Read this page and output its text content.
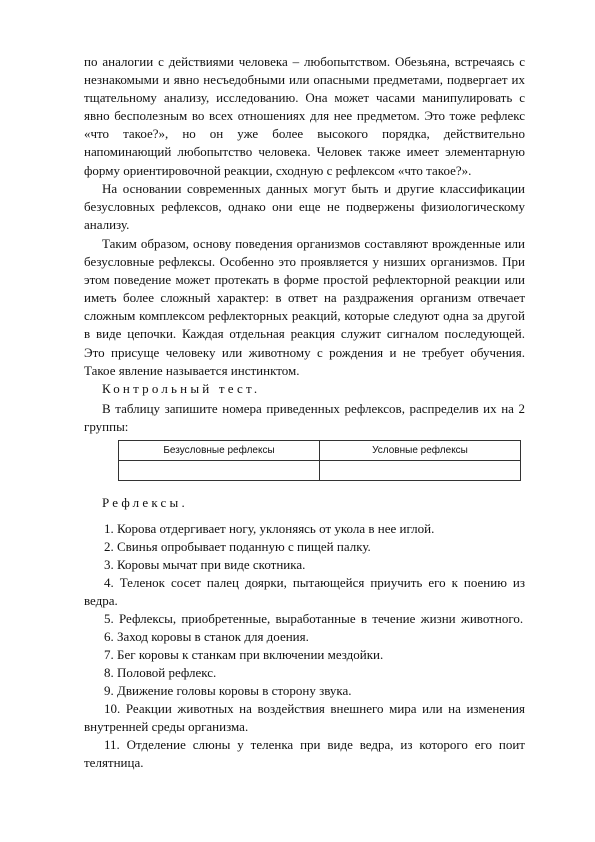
по аналогии с действиями человека – любопытством. Обезьяна, встречаясь с незнакомыми и явно несъедобными или опасными предметами, подвергает их тщательному анализу, исследованию. Она может часами манипулировать с явно бесполезным во всех отношениях для нее предметом. Это тоже рефлекс «что такое?», но он уже более высокого порядка, действительно напоминающий любопытство человека. Человек также имеет элементарную форму ориентировочной реакции, сходную с рефлексом «что такое?».

На основании современных данных могут быть и другие классификации безусловных рефлексов, однако они еще не подвержены физиологическому анализу.

Таким образом, основу поведения организмов составляют врожденные или безусловные рефлексы. Особенно это проявляется у низших организмов. При этом поведение может протекать в форме простой рефлекторной реакции или иметь более сложный характер: в ответ на раздражения организм отвечает сложным комплексом рефлекторных реакций, которые следуют одна за другой в виде цепочки. Каждая отдельная реакция служит сигналом последующей. Это присуще человеку или животному с рождения и не требует обучения. Такое явление называется инстинктом.

Контрольный тест.

В таблицу запишите номера приведенных рефлексов, распределив их на 2 группы:

Безусловные рефлексы	Условные рефлексы

Рефлексы.

1. Корова отдергивает ногу, уклоняясь от укола в нее иглой.

2. Свинья опробывает поданную с пищей палку.

3. Коровы мычат при виде скотника.

4. Теленок сосет палец доярки, пытающейся приучить его к поению из ведра.

5. Рефлексы, приобретенные, выработанные в течение жизни животного.

6. Заход коровы в станок для доения.

7. Бег коровы к станкам при включении мездойки.

8. Половой рефлекс.

9. Движение головы коровы в сторону звука.

10. Реакции животных на воздействия внешнего мира или на изменения внутренней среды организма.

11. Отделение слюны у теленка при виде ведра, из которого его поит телятница.
